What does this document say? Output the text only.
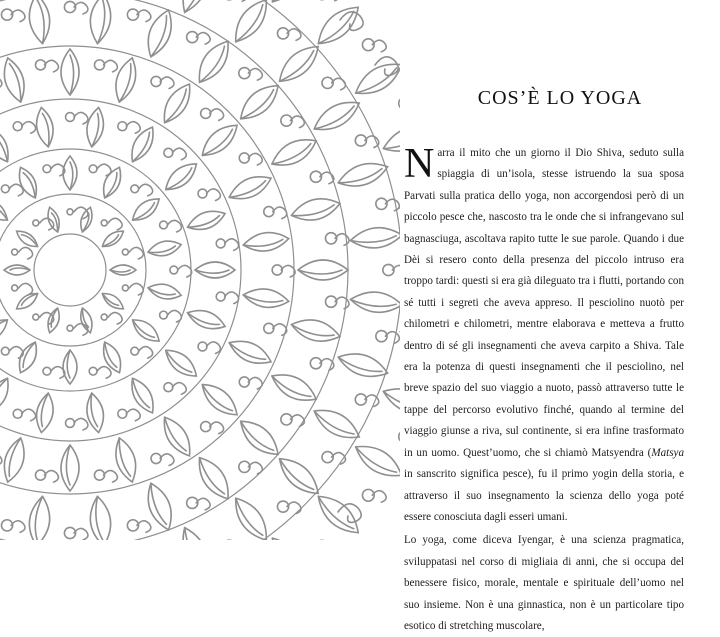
COS’È LO YOGA

Narra il mito che un giorno il Dio Shiva, seduto sulla spiaggia di un’isola, stesse istruendo la sua sposa Parvati sulla pratica dello yoga, non accorgendosi però di un piccolo pesce che, nascosto tra le onde che si infrangevano sul bagnasciuga, ascoltava rapito tutte le sue parole. Quando i due Dèi si resero conto della presenza del piccolo intruso era troppo tardi: questi si era già dileguato tra i flutti, portando con sé tutti i segreti che aveva appreso. Il pesciolino nuotò per chilometri e chilometri, mentre elaborava e metteva a frutto dentro di sé gli insegnamenti che aveva carpito a Shiva. Tale era la potenza di questi insegnamenti che il pesciolino, nel breve spazio del suo viaggio a nuoto, passò attraverso tutte le tappe del percorso evolutivo finché, quando al termine del viaggio giunse a riva, sul continente, si era infine trasformato in un uomo. Quest’uomo, che si chiamò Matsyendra (Matsya in sanscrito significa pesce), fu il primo yogin della storia, e attraverso il suo insegnamento la scienza dello yoga poté essere conosciuta dagli esseri umani.

Lo yoga, come diceva Iyengar, è una scienza pragmatica, sviluppatasi nel corso di migliaia di anni, che si occupa del benessere fisico, morale, mentale e spirituale dell’uomo nel suo insieme. Non è una ginnastica, non è un particolare tipo esotico di stretching muscolare,
